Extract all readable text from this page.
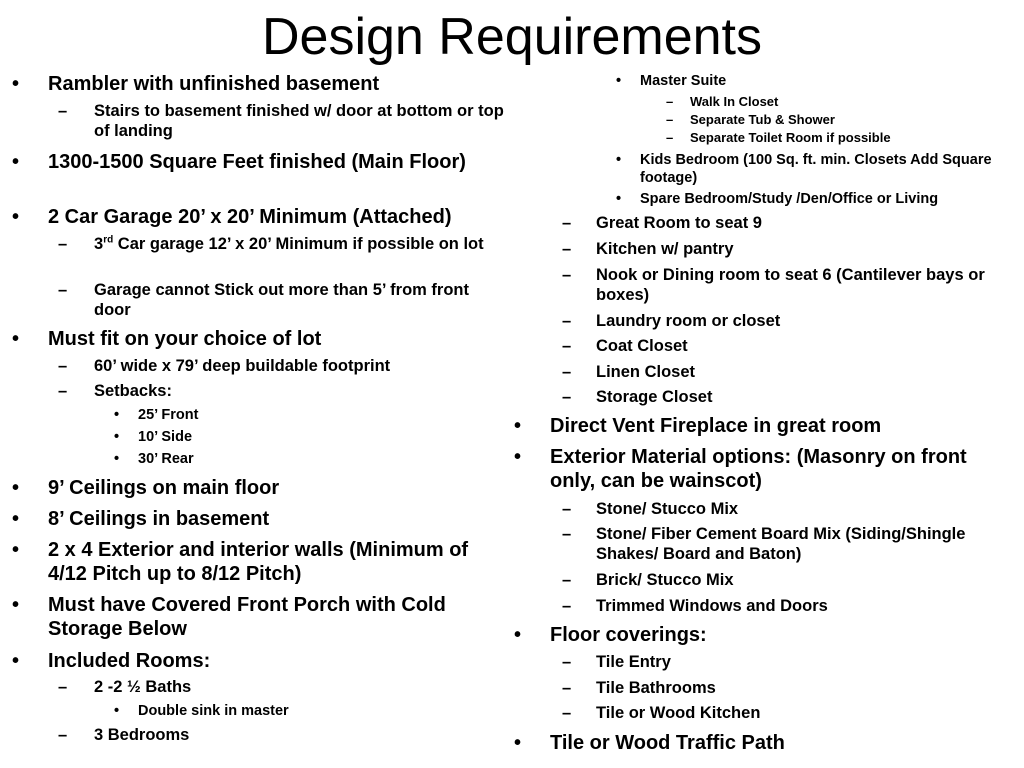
Design Requirements
• Rambler with unfinished basement
– Stairs to basement finished w/ door at bottom or top of landing
• 1300-1500 Square Feet finished (Main Floor)
• 2 Car Garage 20’ x 20’ Minimum (Attached)
– 3rd Car garage 12’ x 20’ Minimum if possible on lot
– Garage cannot Stick out more than 5’ from front door
• Must fit on your choice of lot
– 60’ wide x 79’ deep buildable footprint
– Setbacks:
• 25’ Front
• 10’ Side
• 30’ Rear
• 9’ Ceilings on main floor
• 8’ Ceilings in basement
• 2 x 4 Exterior and interior walls (Minimum of 4/12 Pitch up to 8/12 Pitch)
• Must have Covered Front Porch with Cold Storage Below
• Included Rooms:
– 2 -2 ½ Baths
• Double sink in master
– 3 Bedrooms
• Master Suite
– Walk In Closet
– Separate Tub & Shower
– Separate Toilet Room if possible
• Kids Bedroom (100 Sq. ft. min. Closets Add Square footage)
• Spare Bedroom/Study /Den/Office or Living
– Great Room to seat 9
– Kitchen w/ pantry
– Nook or Dining room to seat 6 (Cantilever bays or boxes)
– Laundry room or closet
– Coat Closet
– Linen Closet
– Storage Closet
• Direct Vent Fireplace in great room
• Exterior Material options: (Masonry on front only, can be wainscot)
– Stone/ Stucco Mix
– Stone/ Fiber Cement Board Mix (Siding/Shingle Shakes/ Board and Baton)
– Brick/ Stucco Mix
– Trimmed Windows and Doors
• Floor coverings:
– Tile Entry
– Tile Bathrooms
– Tile or Wood Kitchen
• Tile or Wood Traffic Path
